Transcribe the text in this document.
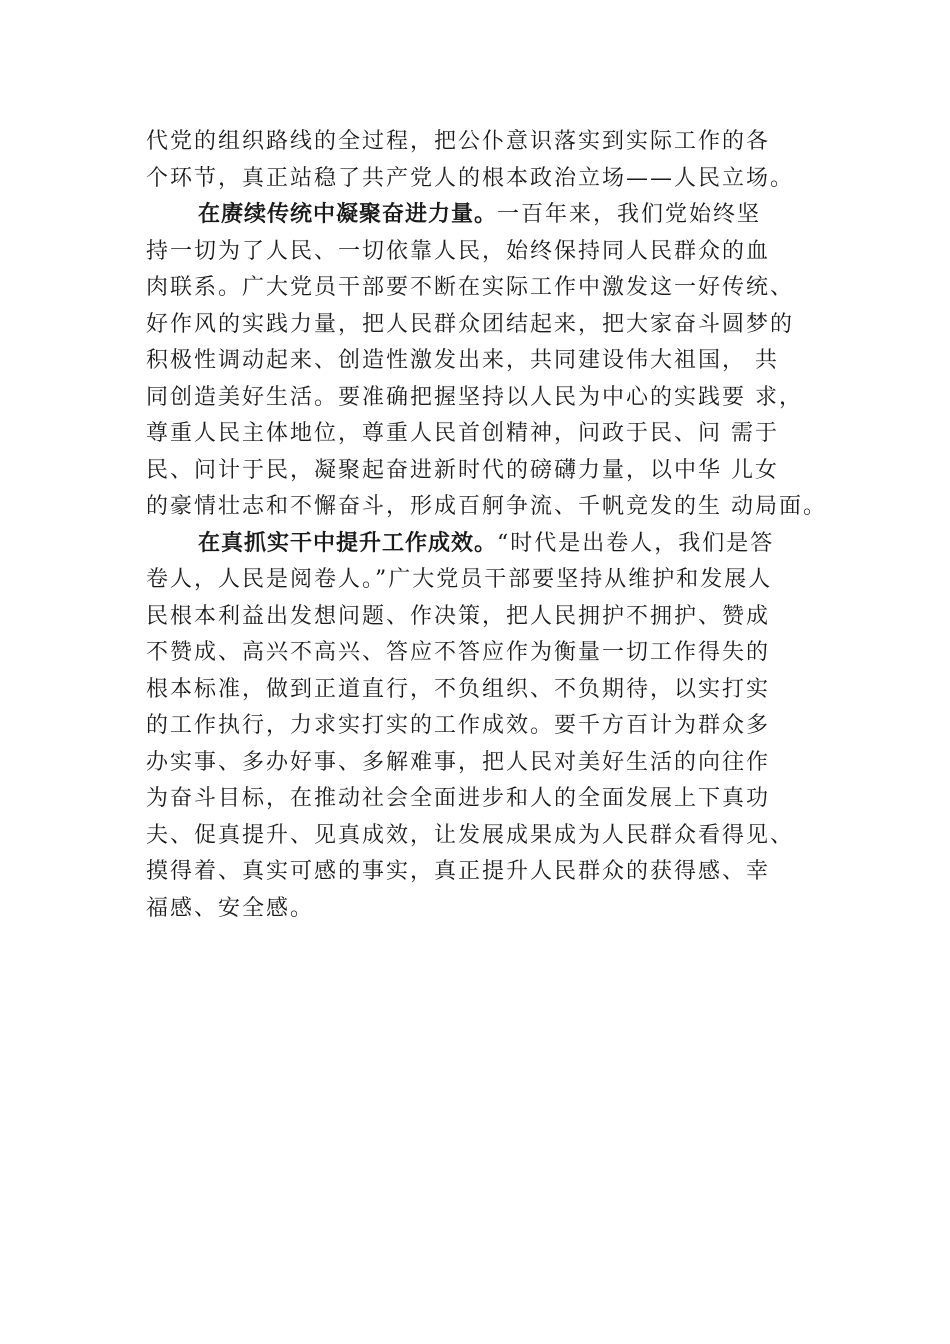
代党的组织路线的全过程，把公仆意识落实到实际工作的各
个环节，真正站稳了共产党人的根本政治立场——人民立场。
在赓续传统中凝聚奋进力量。一百年来，我们党始终坚
持一切为了人民、一切依靠人民，始终保持同人民群众的血
肉联系。广大党员干部要不断在实际工作中激发这一好传统、
好作风的实践力量，把人民群众团结起来，把大家奋斗圆梦的
积极性调动起来、创造性激发出来，共同建设伟大祖国， 共
同创造美好生活。要准确把握坚持以人民为中心的实践要 求，
尊重人民主体地位，尊重人民首创精神，问政于民、问 需于
民、问计于民，凝聚起奋进新时代的磅礴力量，以中华 儿女
的豪情壮志和不懈奋斗，形成百舸争流、千帆竞发的生 动局面。
在真抓实干中提升工作成效。“时代是出卷人，我们是答
卷人，人民是阅卷人。”广大党员干部要坚持从维护和发展人
民根本利益出发想问题、作决策，把人民拥护不拥护、赞成
不赞成、高兴不高兴、答应不答应作为衡量一切工作得失的
根本标准，做到正道直行，不负组织、不负期待，以实打实
的工作执行，力求实打实的工作成效。要千方百计为群众多
办实事、多办好事、多解难事，把人民对美好生活的向往作
为奋斗目标，在推动社会全面进步和人的全面发展上下真功
夫、促真提升、见真成效，让发展成果成为人民群众看得见、
摸得着、真实可感的事实，真正提升人民群众的获得感、幸
福感、安全感。
